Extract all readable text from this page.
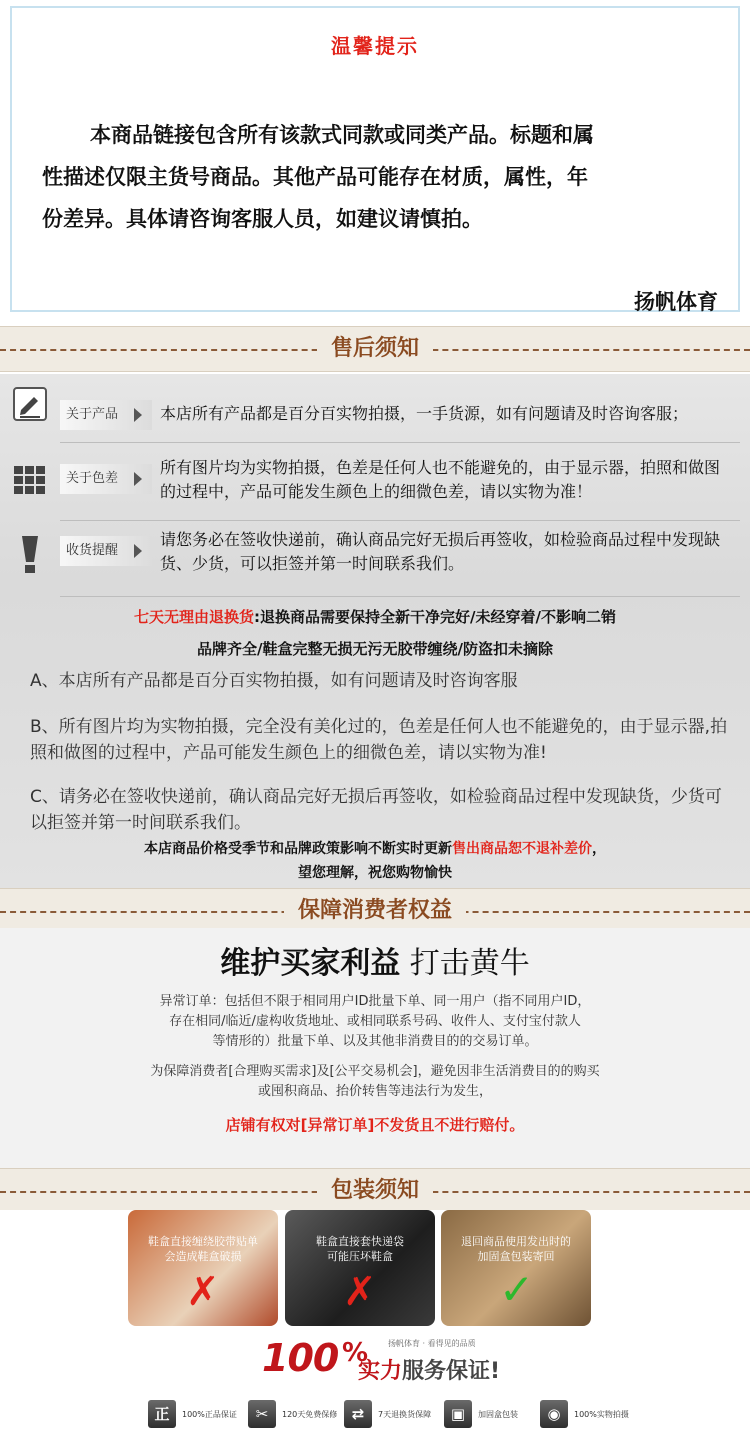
温馨提示
本商品链接包含所有该款式同款或同类产品。标题和属
性描述仅限主货号商品。其他产品可能存在材质，属性，年
份差异。具体请咨询客服人员，如建议请慎拍。
扬帆体育
售后须知
关于产品	本店所有产品都是百分百实物拍摄，一手货源，如有问题请及时咨询客服；
关于色差
所有图片均为实物拍摄，色差是任何人也不能避免的，由于显示器，拍照和做图的过程中，产品可能发生颜色上的细微色差，请以实物为准！
收货提醒
请您务必在签收快递前，确认商品完好无损后再签收，如检验商品过程中发现缺货、少货，可以拒签并第一时间联系我们。
七天无理由退换货:退换商品需要保持全新干净完好/未经穿着/不影响二销
品牌齐全/鞋盒完整无损无污无胶带缠绕/防盗扣未摘除
A、本店所有产品都是百分百实物拍摄，如有问题请及时咨询客服
B、所有图片均为实物拍摄，完全没有美化过的，色差是任何人也不能避免的，由于显示器,拍照和做图的过程中，产品可能发生颜色上的细微色差，请以实物为准!
C、请务必在签收快递前，确认商品完好无损后再签收，如检验商品过程中发现缺货，少货可以拒签并第一时间联系我们。
本店商品价格受季节和品牌政策影响不断实时更新售出商品恕不退补差价，
望您理解，祝您购物愉快
保障消费者权益
维护买家利益 打击黄牛
异常订单：包括但不限于相同用户ID批量下单、同一用户（指不同用户ID，
存在相同/临近/虚构收货地址、或相同联系号码、收件人、支付宝付款人
等情形的）批量下单、以及其他非消费目的的交易订单。
为保障消费者[合理购买需求]及[公平交易机会]，避免因非生活消费目的的购买
或囤积商品、抬价转售等违法行为发生，
店铺有权对[异常订单]不发货且不进行赔付。
包装须知
鞋盒直接缠绕胶带贴单
会造成鞋盒破损
✗
鞋盒直接套快递袋
可能压坏鞋盒
✗
退回商品使用发出时的
加固盒包装寄回
✓
100 % 扬帆体育 · 看得见的品质
实力服务保证!
正	100%正品保证	✂	120天免费保修 ⇄	7天退换货保障	▣	加固盒包装	◉	100%实物拍摄
